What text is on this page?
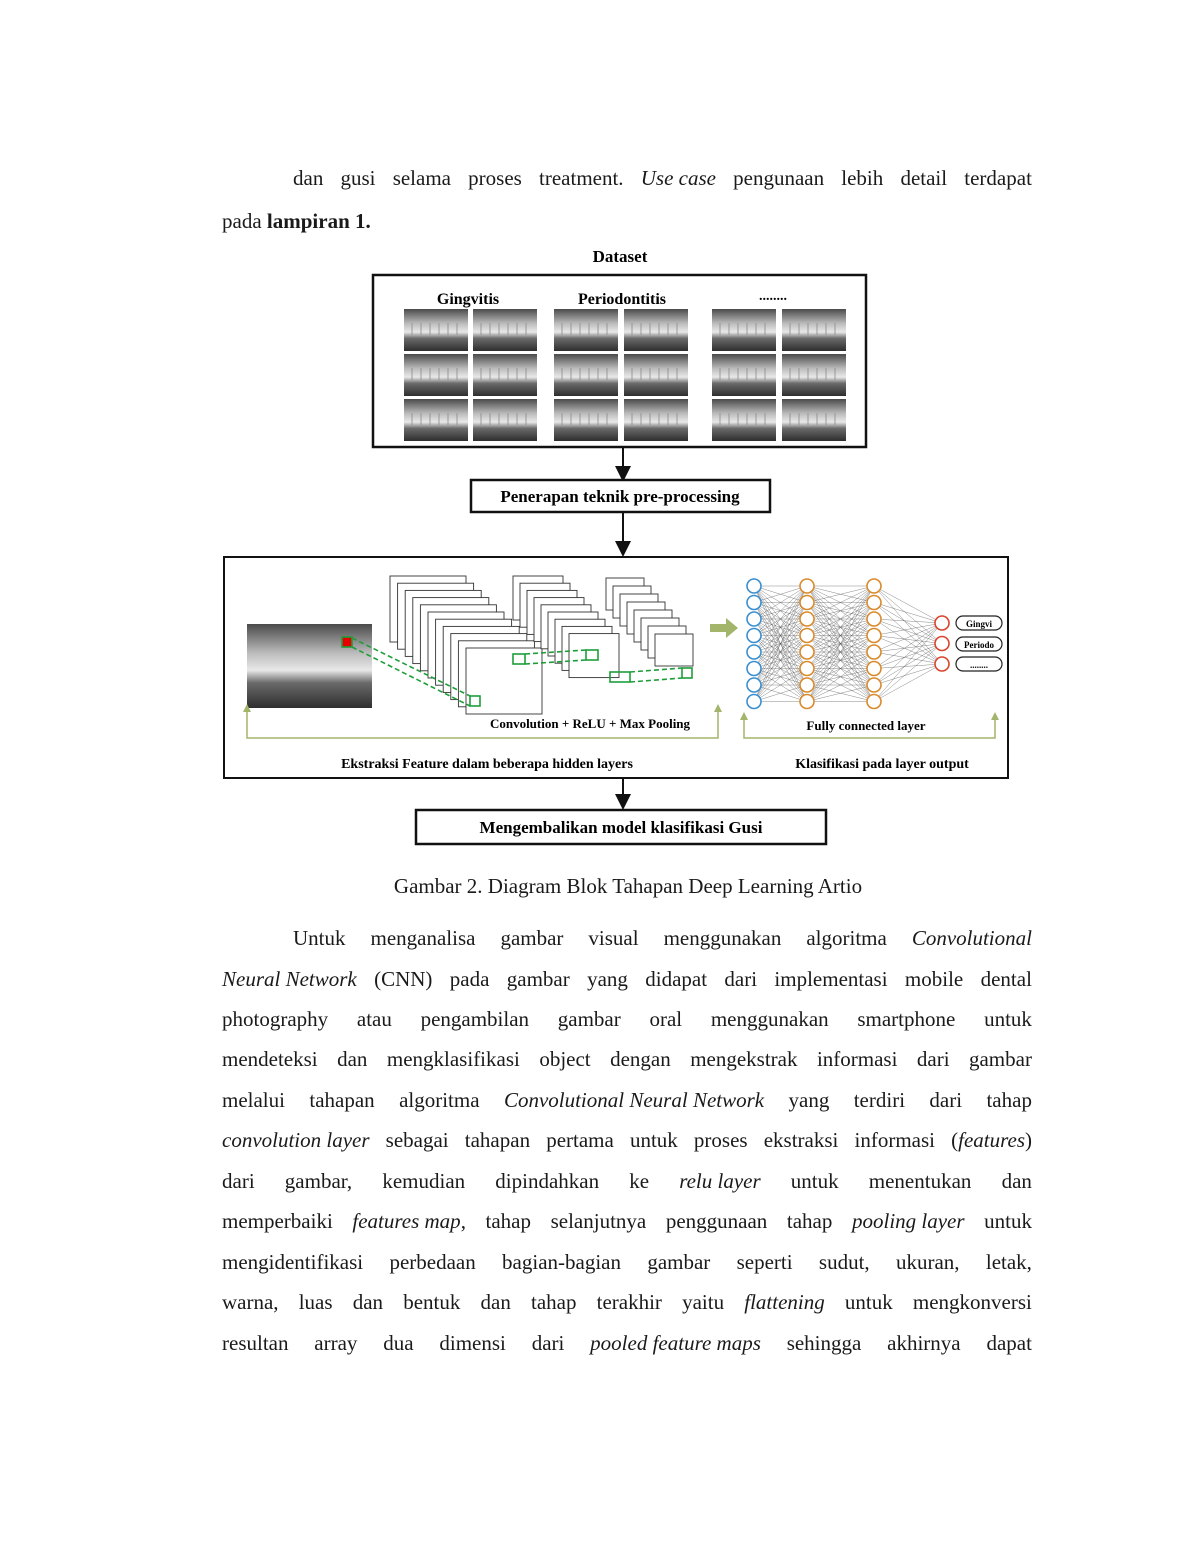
dan gusi selama proses treatment. Use case pengunaan lebih detail terdapat
pada lampiran 1.
Dataset
Gingvitis	Periodontitis	........
Penerapan teknik pre-processing
Gingvi
Periodo
........
Convolution + ReLU + Max Pooling	Fully connected layer
Ekstraksi Feature dalam beberapa hidden layers	Klasifikasi pada layer output
Mengembalikan model klasifikasi Gusi
Gambar 2. Diagram Blok Tahapan Deep Learning Artio
Untuk menganalisa gambar visual menggunakan algoritma Convolutional
Neural Network (CNN) pada gambar yang didapat dari implementasi mobile dental
photography atau pengambilan gambar oral menggunakan smartphone untuk
mendeteksi dan mengklasifikasi object dengan mengekstrak informasi dari gambar
melalui tahapan algoritma Convolutional Neural Network yang terdiri dari tahap
convolution layer sebagai tahapan pertama untuk proses ekstraksi informasi (features)
dari gambar, kemudian dipindahkan ke relu layer untuk menentukan dan
memperbaiki features map, tahap selanjutnya penggunaan tahap pooling layer untuk
mengidentifikasi perbedaan bagian-bagian gambar seperti sudut, ukuran, letak,
warna, luas dan bentuk dan tahap terakhir yaitu flattening untuk mengkonversi
resultan array dua dimensi dari pooled feature maps sehingga akhirnya dapat
